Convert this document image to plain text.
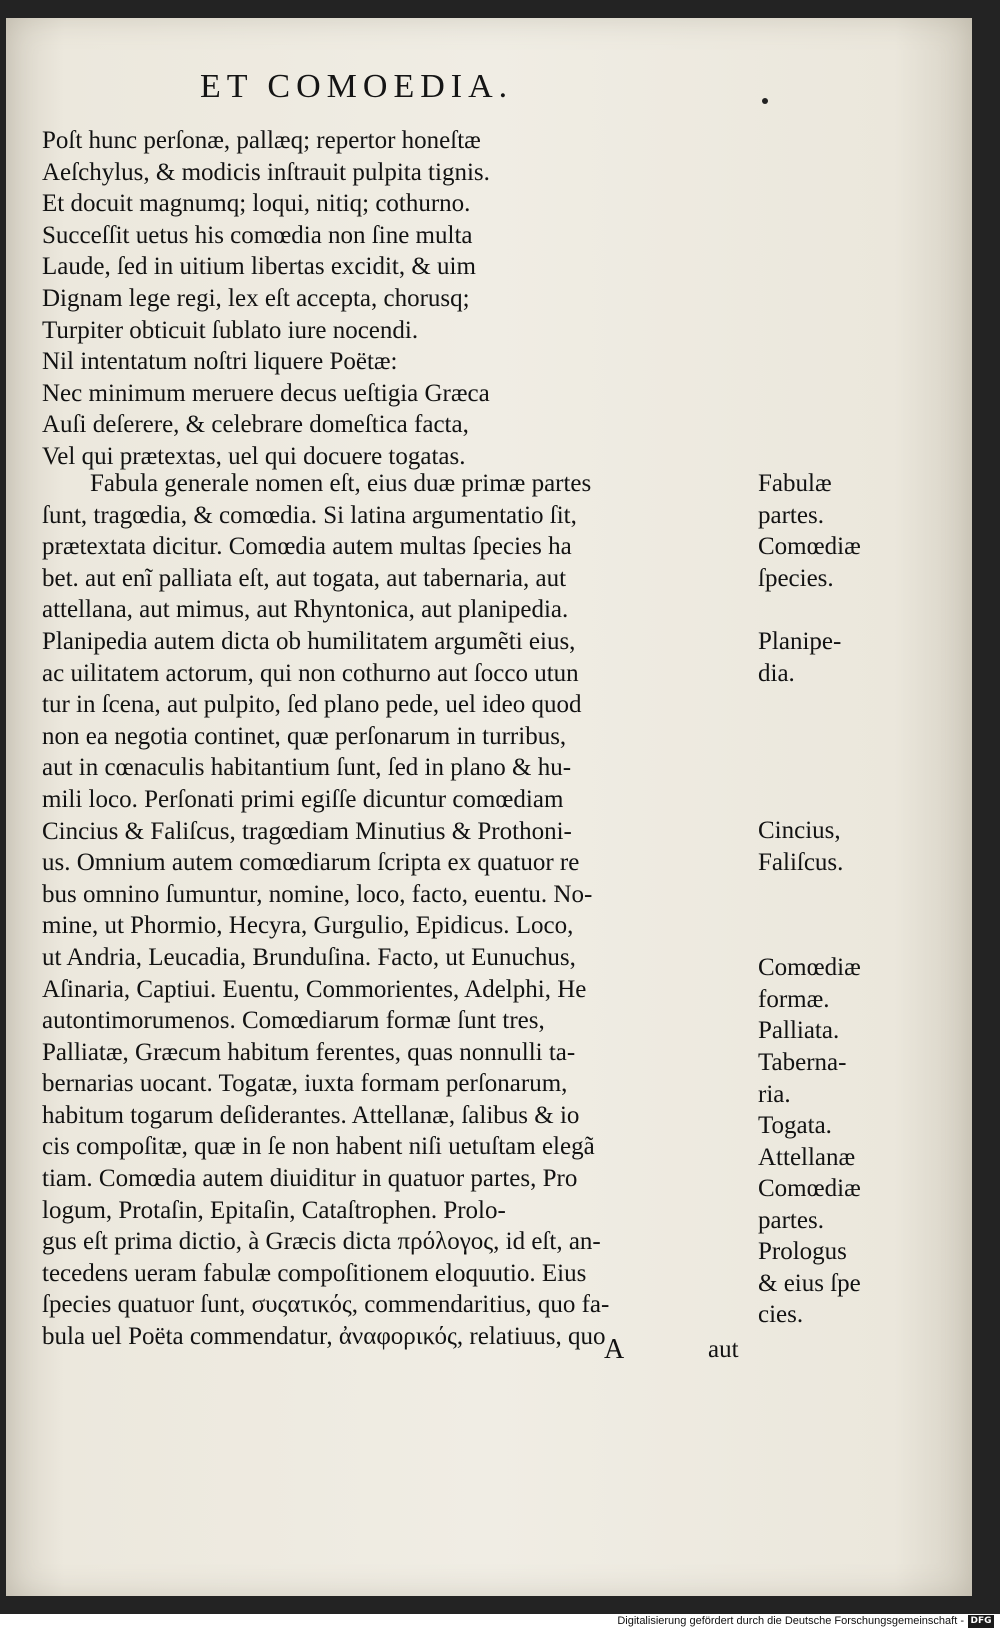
ET COMOEDIA.
Poſt hunc perſonæ, pallæq; repertor honeſtæ
Aeſchylus, & modicis inſtrauit pulpita tignis.
Et docuit magnumq; loqui, nitiq; cothurno.
Succeſſit uetus his comœdia non ſine multa
Laude, ſed in uitium libertas excidit, & uim
Dignam lege regi, lex eſt accepta, chorusq;
Turpiter obticuit ſublato iure nocendi.
Nil intentatum noſtri liquere Poëtæ:
Nec minimum meruere decus ueſtigia Græca
Auſi deſerere, & celebrare domeſtica facta,
Vel qui prætextas, uel qui docuere togatas.
Fabula generale nomen eſt, eius duæ primæ partes
ſunt, tragœdia, & comœdia. Si latina argumentatio ſit,
prætextata dicitur. Comœdia autem multas ſpecies ha
bet. aut enĩ palliata eſt, aut togata, aut tabernaria, aut
attellana, aut mimus, aut Rhyntonica, aut planipedia.
Planipedia autem dicta ob humilitatem argumẽti eius,
ac uilitatem actorum, qui non cothurno aut ſocco utun
tur in ſcena, aut pulpito, ſed plano pede, uel ideo quod
non ea negotia continet, quæ perſonarum in turribus,
aut in cœnaculis habitantium ſunt, ſed in plano & hu-
mili loco. Perſonati primi egiſſe dicuntur comœdiam
Cincius & Faliſcus, tragœdiam Minutius & Prothoni-
us. Omnium autem comœdiarum ſcripta ex quatuor re
bus omnino ſumuntur, nomine, loco, facto, euentu. No-
mine, ut Phormio, Hecyra, Gurgulio, Epidicus. Loco,
ut Andria, Leucadia, Brunduſina. Facto, ut Eunuchus,
Aſinaria, Captiui. Euentu, Commorientes, Adelphi, He
autontimorumenos. Comœdiarum formæ ſunt tres,
Palliatæ, Græcum habitum ferentes, quas nonnulli ta-
bernarias uocant. Togatæ, iuxta formam perſonarum,
habitum togarum deſiderantes. Attellanæ, ſalibus & io
cis compoſitæ, quæ in ſe non habent niſi uetuſtam elegã
tiam. Comœdia autem diuiditur in quatuor partes, Pro
logum, Protaſin, Epitaſin, Cataſtrophen. Prolo-
gus eſt prima dictio, à Græcis dicta πρόλογος, id eſt, an-
tecedens ueram fabulæ compoſitionem eloquutio. Eius
ſpecies quatuor ſunt, συςατικός, commendaritius, quo fa-
bula uel Poëta commendatur, ἀναφορικός, relatiuus, quo
Fabulæ
partes.
Comœdiæ
ſpecies.
Planipe-
dia.
Cincius,
Faliſcus.
Comœdiæ
formæ.
Palliata.
Taberna-
ria.
Togata.
Attellanæ
Comœdiæ
partes.
Prologus
& eius ſpe
cies.
A	aut
Digitalisierung gefördert durch die Deutsche Forschungsgemeinschaft - DFG
